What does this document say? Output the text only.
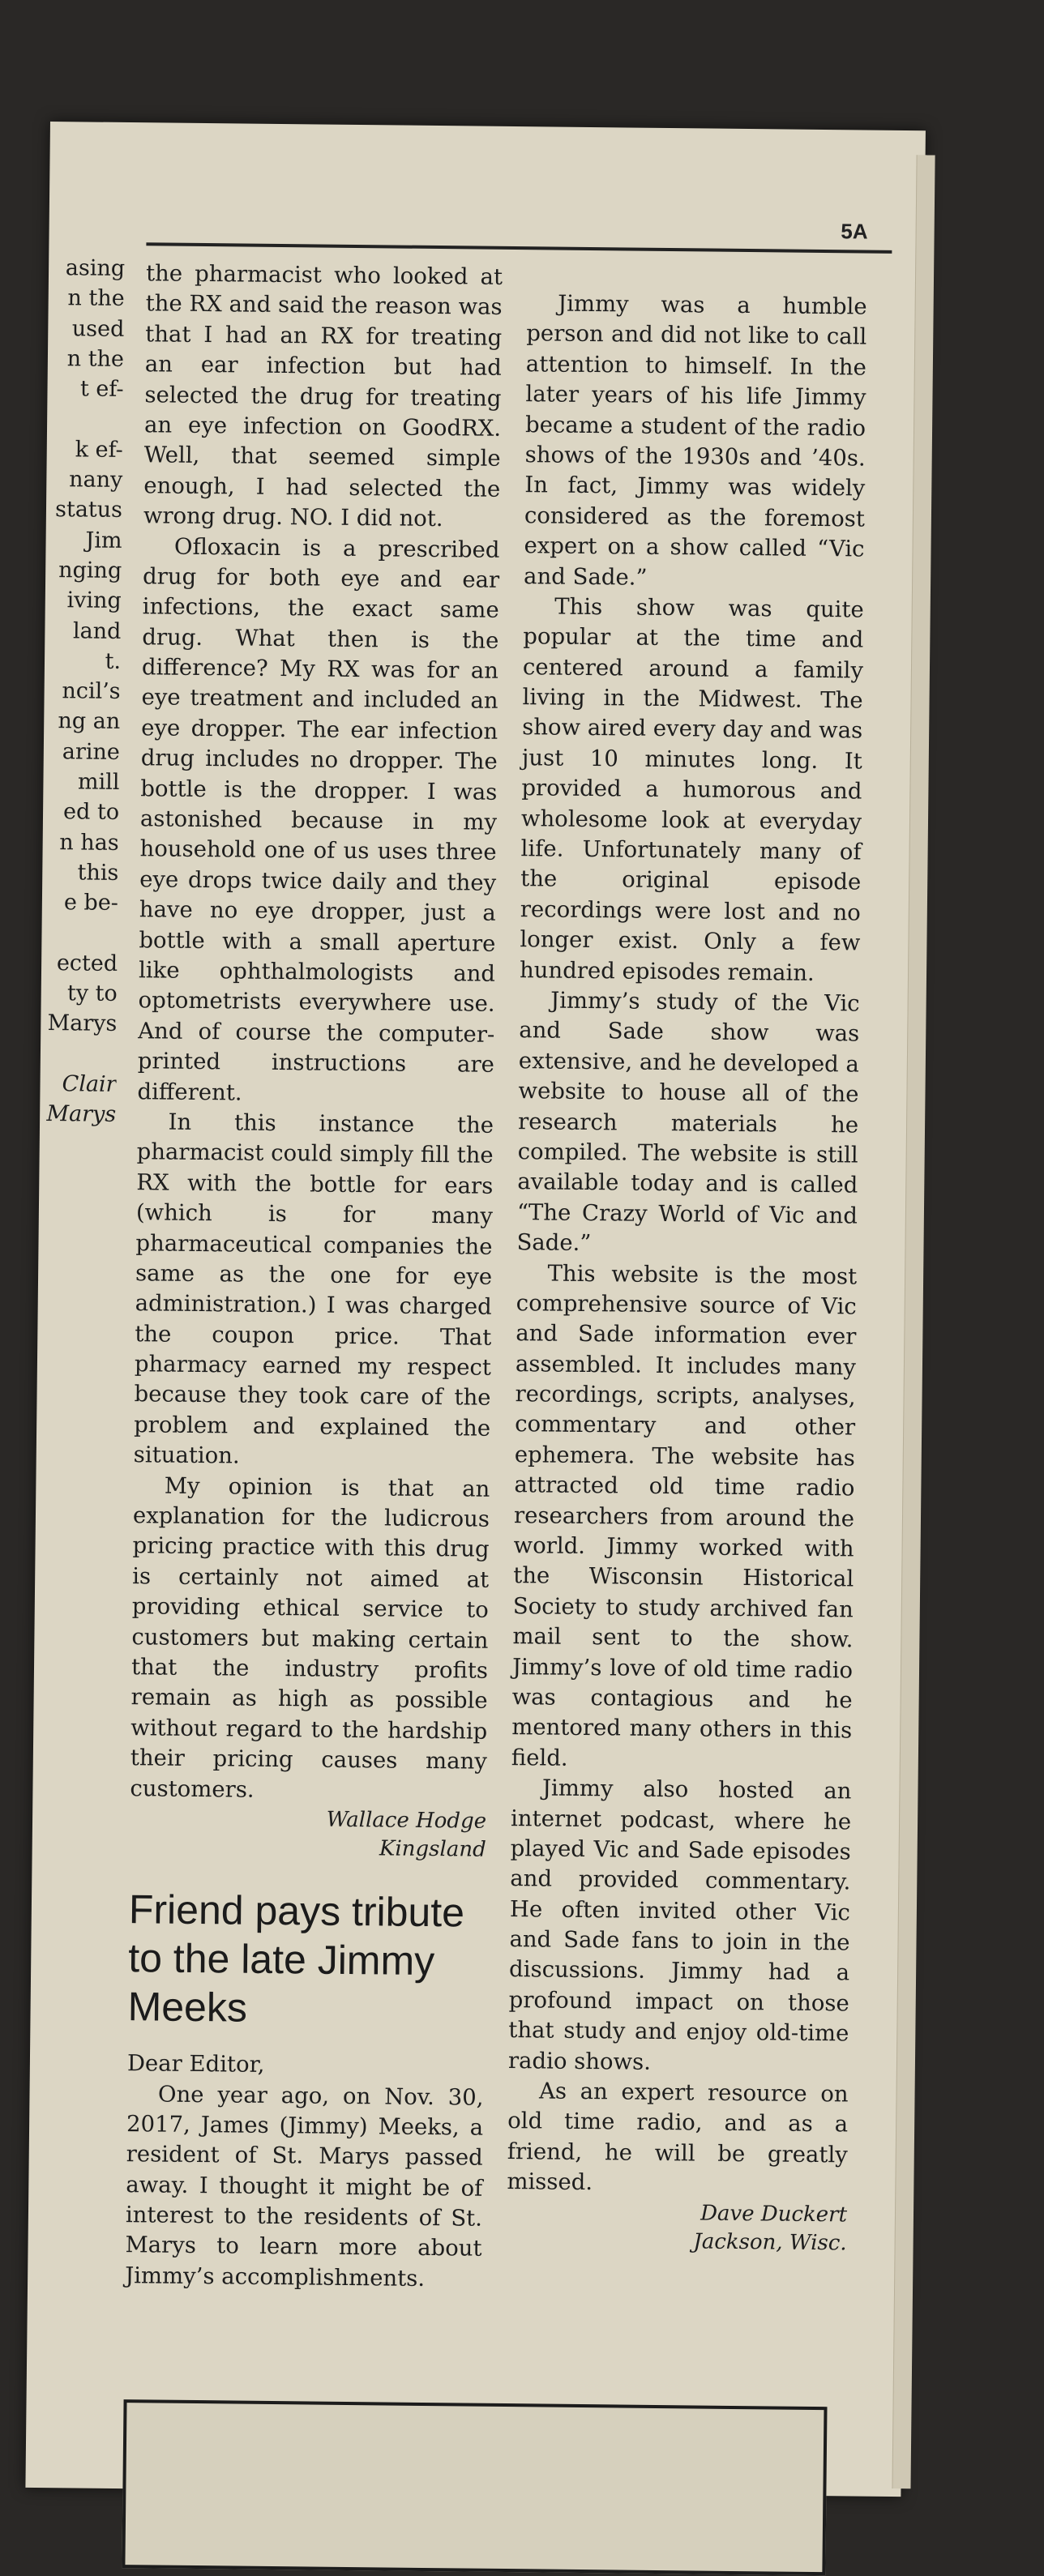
5A
asing
n the
used
n the
t ef-
k ef-
nany
status
Jim
nging
iving
land
t.
ncil’s
ng an
arine
mill
ed to
n has
this
e be-
ected
ty to
Marys
Clair
Marys

the pharmacist who looked at the RX and said the reason was that I had an RX for treating an ear infection but had selected the drug for treating an eye infection on GoodRX. Well, that seemed simple enough, I had selected the wrong drug. NO. I did not.

Ofloxacin is a prescribed drug for both eye and ear infections, the exact same drug. What then is the difference? My RX was for an eye treatment and included an eye dropper. The ear infection drug includes no dropper. The bottle is the dropper. I was astonished because in my household one of us uses three eye drops twice daily and they have no eye dropper, just a bottle with a small aperture like ophthalmologists and optometrists everywhere use. And of course the computer-printed instructions are different.

In this instance the pharmacist could simply fill the RX with the bottle for ears (which is for many pharmaceutical companies the same as the one for eye administration.) I was charged the coupon price. That pharmacy earned my respect because they took care of the problem and explained the situation.

My opinion is that an explanation for the ludicrous pricing practice with this drug is certainly not aimed at providing ethical service to customers but making certain that the industry profits remain as high as possible without regard to the hardship their pricing causes many customers.

Wallace Hodge
Kingsland
Friend pays tribute to the late Jimmy Meeks

Dear Editor,

One year ago, on Nov. 30, 2017, James (Jimmy) Meeks, a resident of St. Marys passed away. I thought it might be of interest to the residents of St. Marys to learn more about Jimmy’s accomplishments.

Jimmy was a humble person and did not like to call attention to himself. In the later years of his life Jimmy became a student of the radio shows of the 1930s and ’40s. In fact, Jimmy was widely considered as the foremost expert on a show called “Vic and Sade.”

This show was quite popular at the time and centered around a family living in the Midwest. The show aired every day and was just 10 minutes long. It provided a humorous and wholesome look at everyday life. Unfortunately many of the original episode recordings were lost and no longer exist. Only a few hundred episodes remain.

Jimmy’s study of the Vic and Sade show was extensive, and he developed a website to house all of the research materials he compiled. The website is still available today and is called “The Crazy World of Vic and Sade.”

This website is the most comprehensive source of Vic and Sade information ever assembled. It includes many recordings, scripts, analyses, commentary and other ephemera. The website has attracted old time radio researchers from around the world. Jimmy worked with the Wisconsin Historical Society to study archived fan mail sent to the show. Jimmy’s love of old time radio was contagious and he mentored many others in this field.

Jimmy also hosted an internet podcast, where he played Vic and Sade episodes and provided commentary. He often invited other Vic and Sade fans to join in the discussions. Jimmy had a profound impact on those that study and enjoy old-time radio shows.

As an expert resource on old time radio, and as a friend, he will be greatly missed.

Dave Duckert
Jackson, Wisc.
